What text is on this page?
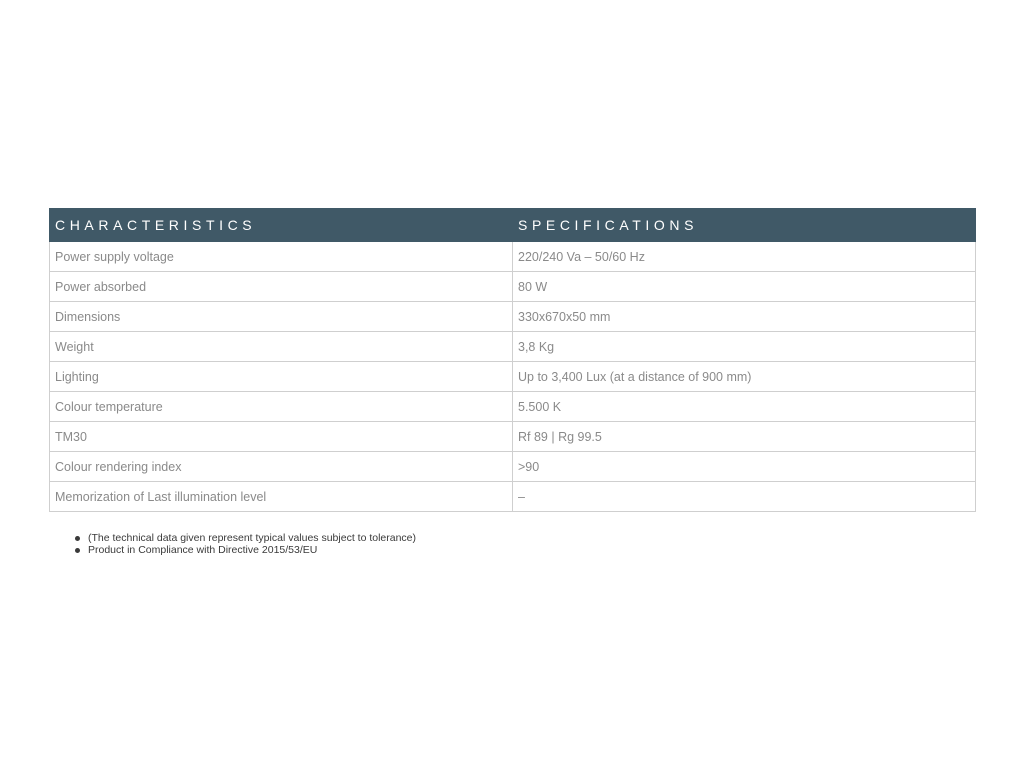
CHARACTERISTICS	SPECIFICATIONS
Power supply voltage	220/240 Va – 50/60 Hz
Power absorbed	80 W
Dimensions	330x670x50 mm
Weight	3,8 Kg
Lighting	Up to 3,400 Lux (at a distance of 900 mm)
Colour temperature	5.500 K
TM30	Rf 89 | Rg 99.5
Colour rendering index	>90
Memorization of Last illumination level	–
(The technical data given represent typical values subject to tolerance)
Product in Compliance with Directive 2015/53/EU
